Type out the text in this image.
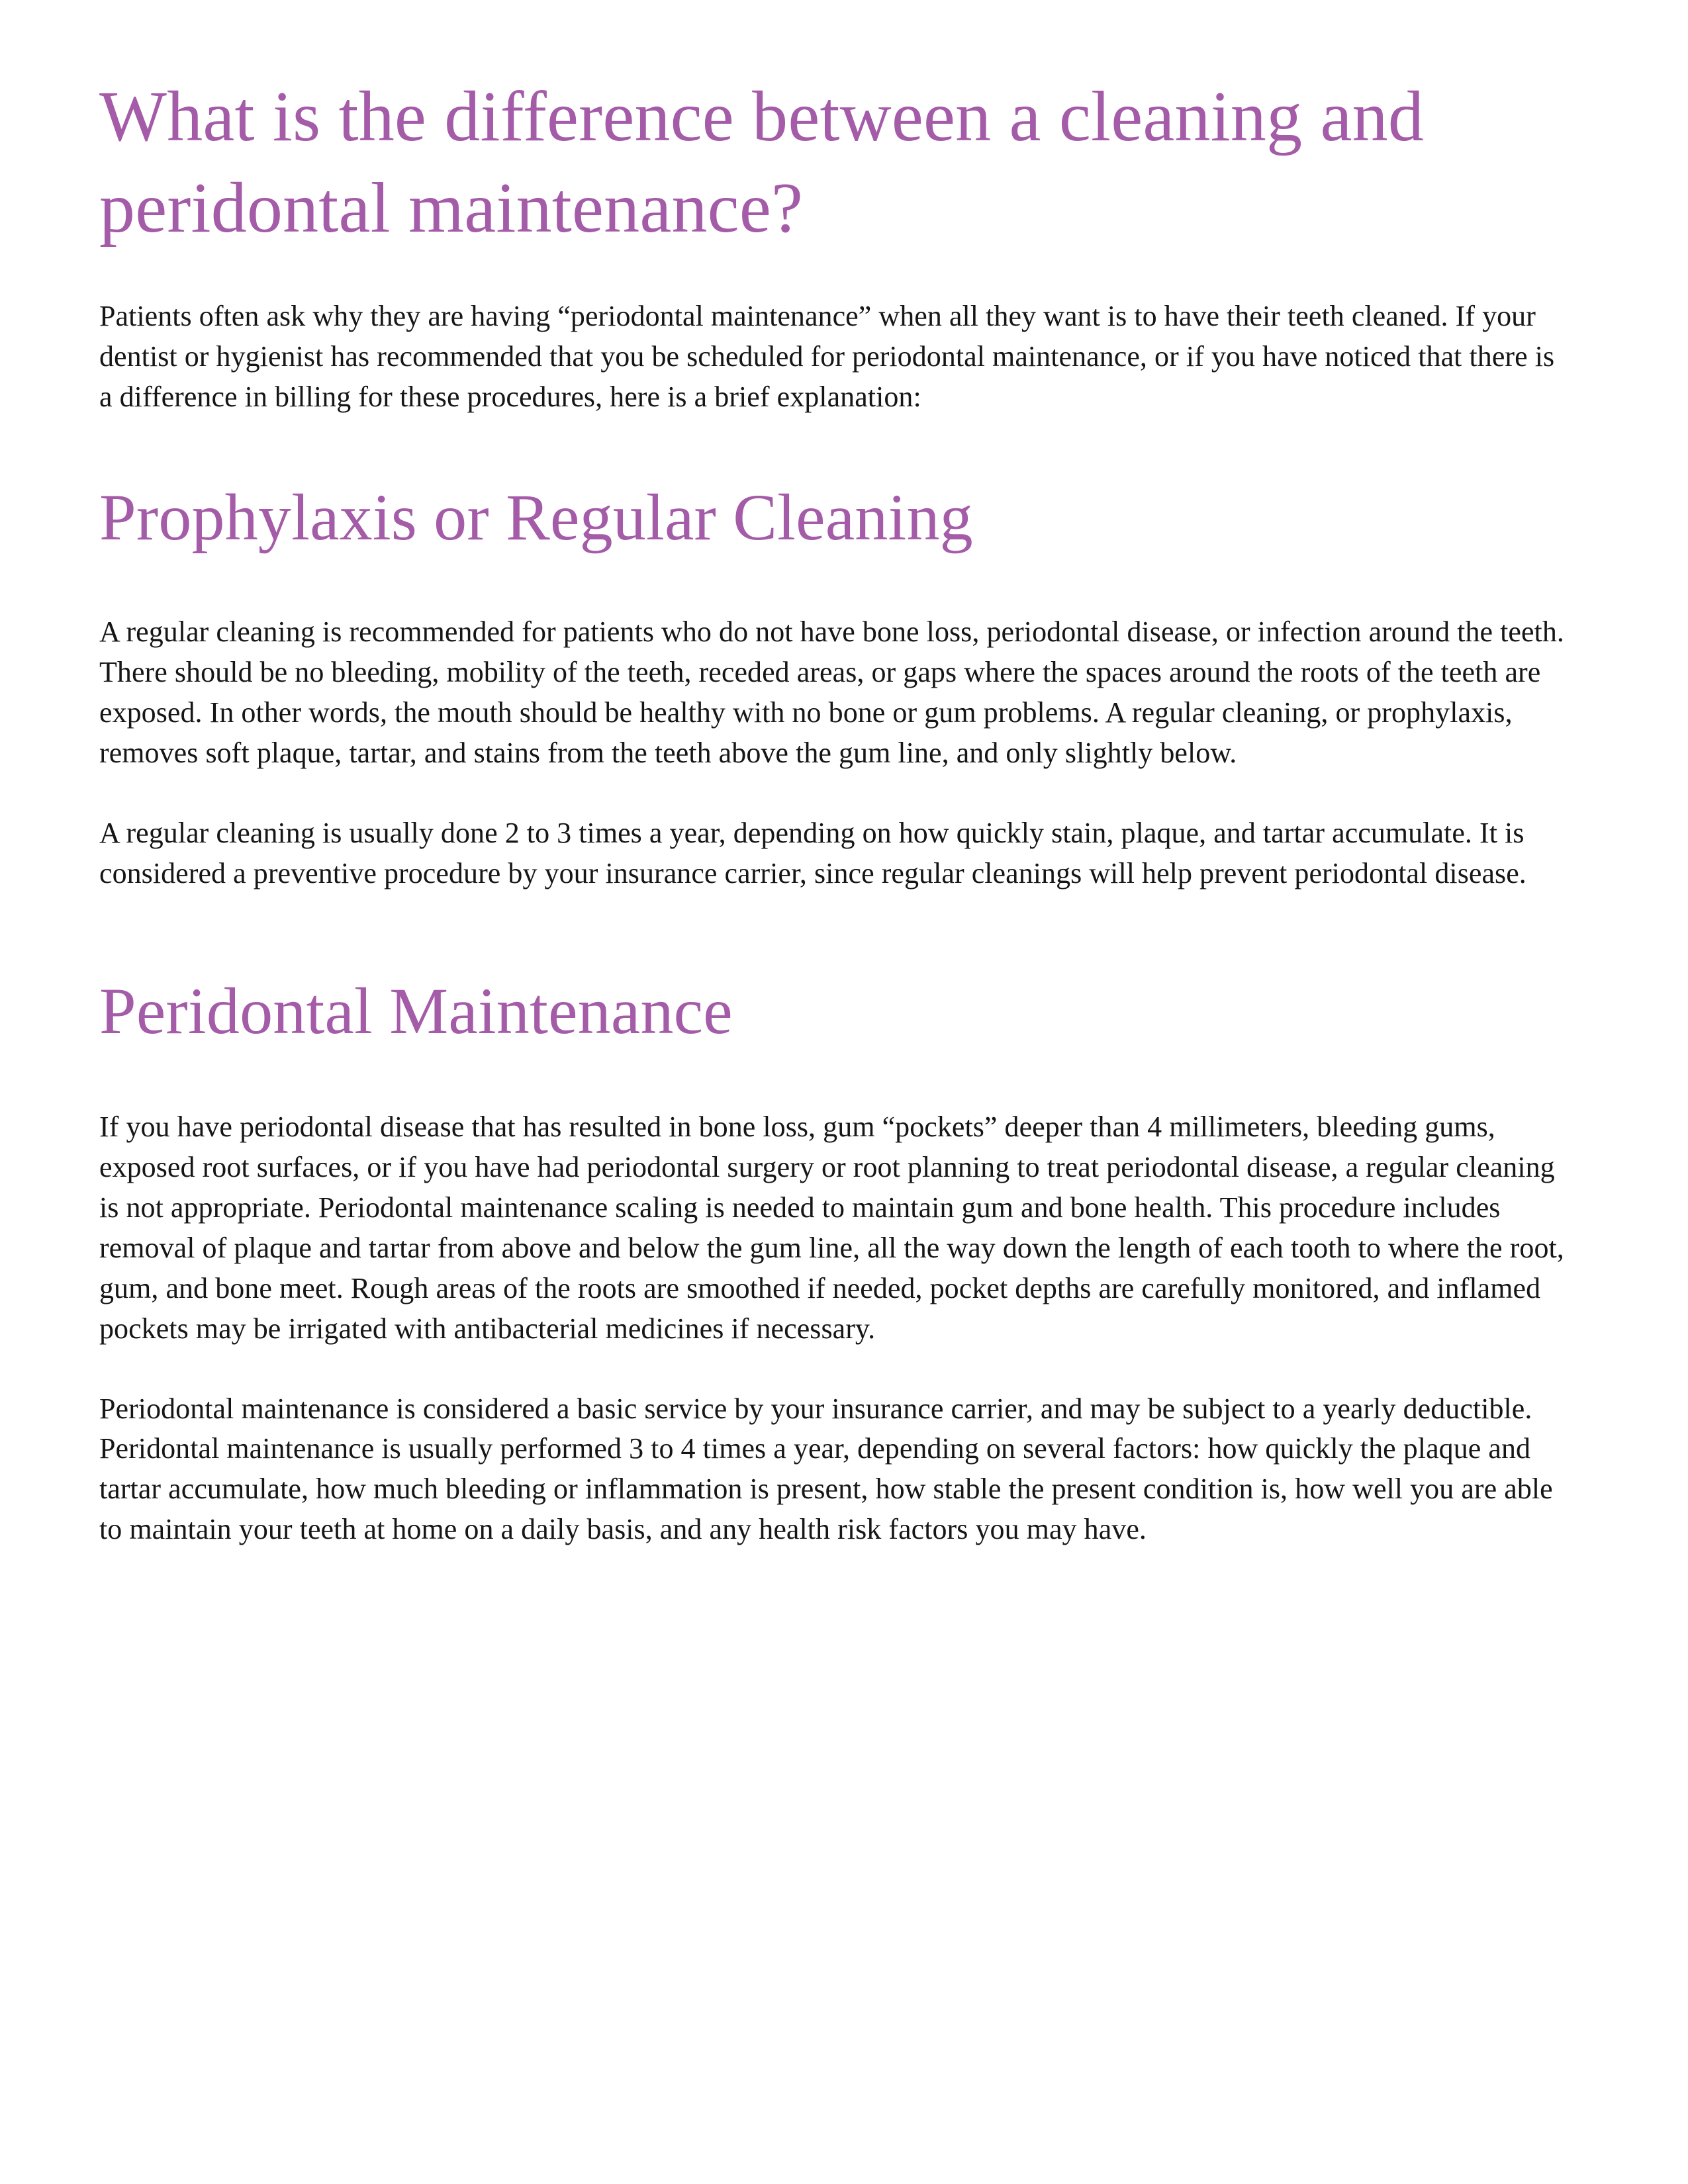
What is the difference between a cleaning and peridontal maintenance?

Patients often ask why they are having “periodontal maintenance” when all they want is to have their teeth cleaned. If your dentist or hygienist has recommended that you be scheduled for periodontal maintenance, or if you have noticed that there is a difference in billing for these procedures, here is a brief explanation:

Prophylaxis or Regular Cleaning

A regular cleaning is recommended for patients who do not have bone loss, periodontal disease, or infection around the teeth. There should be no bleeding, mobility of the teeth, receded areas, or gaps where the spaces around the roots of the teeth are exposed. In other words, the mouth should be healthy with no bone or gum problems. A regular cleaning, or prophylaxis, removes soft plaque, tartar, and stains from the teeth above the gum line, and only slightly below.

A regular cleaning is usually done 2 to 3 times a year, depending on how quickly stain, plaque, and tartar accumulate. It is considered a preventive procedure by your insurance carrier, since regular cleanings will help prevent periodontal disease.

Peridontal Maintenance

If you have periodontal disease that has resulted in bone loss, gum “pockets” deeper than 4 millimeters, bleeding gums, exposed root surfaces, or if you have had periodontal surgery or root planning to treat periodontal disease, a regular cleaning is not appropriate. Periodontal maintenance scaling is needed to maintain gum and bone health. This procedure includes removal of plaque and tartar from above and below the gum line, all the way down the length of each tooth to where the root, gum, and bone meet. Rough areas of the roots are smoothed if needed, pocket depths are carefully monitored, and inflamed pockets may be irrigated with antibacterial medicines if necessary.

Periodontal maintenance is considered a basic service by your insurance carrier, and may be subject to a yearly deductible. Peridontal maintenance is usually performed 3 to 4 times a year, depending on several factors: how quickly the plaque and tartar accumulate, how much bleeding or inflammation is present, how stable the present condition is, how well you are able to maintain your teeth at home on a daily basis, and any health risk factors you may have.
